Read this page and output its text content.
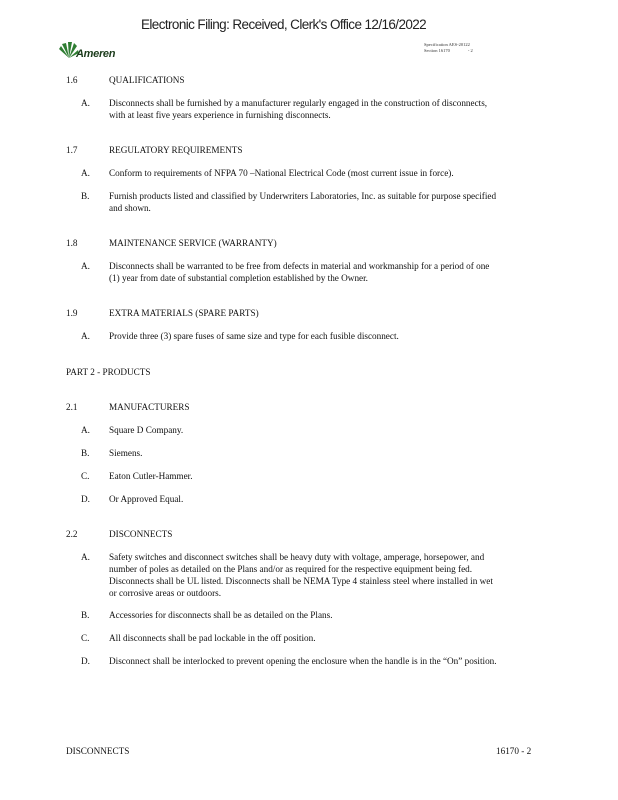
Electronic Filing: Received, Clerk's Office 12/16/2022
Ameren
Specification AES-20122
Section 16170	- 2
1.6	QUALIFICATIONS
A. Disconnects shall be furnished by a manufacturer regularly engaged in the construction of disconnects,
with at least five years experience in furnishing disconnects.
1.7	REGULATORY REQUIREMENTS
A. Conform to requirements of NFPA 70 –National Electrical Code (most current issue in force).
B. Furnish products listed and classified by Underwriters Laboratories, Inc. as suitable for purpose specified
and shown.
1.8	MAINTENANCE SERVICE (WARRANTY)
A. Disconnects shall be warranted to be free from defects in material and workmanship for a period of one
(1) year from date of substantial completion established by the Owner.
1.9	EXTRA MATERIALS (SPARE PARTS)
A. Provide three (3) spare fuses of same size and type for each fusible disconnect.
PART 2 - PRODUCTS
2.1	MANUFACTURERS
A. Square D Company.
B. Siemens.
C. Eaton Cutler-Hammer.
D. Or Approved Equal.
2.2	DISCONNECTS
A. Safety switches and disconnect switches shall be heavy duty with voltage, amperage, horsepower, and
number of poles as detailed on the Plans and/or as required for the respective equipment being fed.
Disconnects shall be UL listed. Disconnects shall be NEMA Type 4 stainless steel where installed in wet
or corrosive areas or outdoors.
B. Accessories for disconnects shall be as detailed on the Plans.
C. All disconnects shall be pad lockable in the off position.
D. Disconnect shall be interlocked to prevent opening the enclosure when the handle is in the “On” position.
DISCONNECTS	16170 - 2
